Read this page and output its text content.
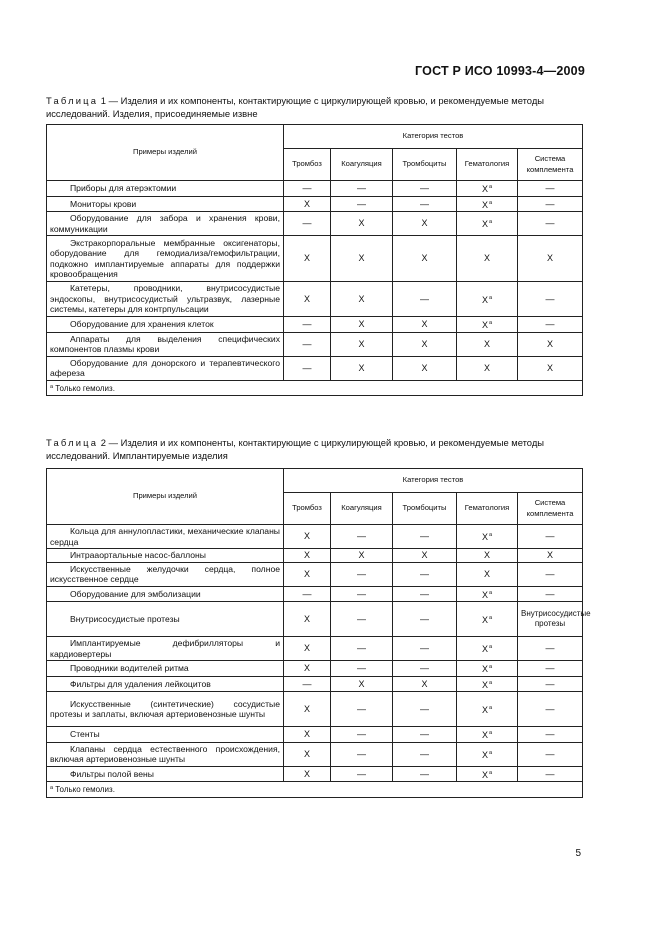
ГОСТ Р ИСО 10993-4—2009
Таблица 1 — Изделия и их компоненты, контактирующие с циркулирующей кровью, и рекомендуемые методы исследований. Изделия, присоединяемые извне
Примеры изделий	Категория тестов				
	Тромбоз	Коагуляция	Тромбоциты	Гематология	Система комплемента
Приборы для атерэктомии	—	—	—	$X^a$	—
Мониторы крови	X	—	—	$X^a$	—
Оборудование для забора и хранения крови, коммуникации	—	X	X	$X^a$	—
Экстракорпоральные мембранные оксигенаторы, оборудование для гемодиализа/гемофильтрации, подкожно имплантируемые аппараты для поддержки кровообращения	X	X	X	X	X
Катетеры, проводники, внутрисосудистые эндоскопы, внутрисосудистый ультразвук, лазерные системы, катетеры для контрпульсации	X	X	—	$X^a$	—
Оборудование для хранения клеток	—	X	X	$X^a$	—
Аппараты для выделения специфических компонентов плазмы крови	—	X	X	X	X
Оборудование для донорского и терапевтического афереза	—	X	X	X	X
$^a$ Только гемолиз.					
Таблица 2 — Изделия и их компоненты, контактирующие с циркулирующей кровью, и рекомендуемые методы исследований. Имплантируемые изделия
Примеры изделий	Категория тестов				
	Тромбоз	Коагуляция	Тромбоциты	Гематология	Система комплемента
Кольца для аннулопластики, механические клапаны сердца	X	—	—	$X^a$	—
Интрааортальные насос-баллоны	X	X	X	X	X
Искусственные желудочки сердца, полное искусственное сердце	X	—	—	X	—
Оборудование для эмболизации	—	—	—	$X^a$	—
Внутрисосудистые протезы	X	—	—	$X^a$	Внутрисосудистые протезы
Имплантируемые дефибрилляторы и кардиовертеры	X	—	—	$X^a$	—
Проводники водителей ритма	X	—	—	$X^a$	—
Фильтры для удаления лейкоцитов	—	X	X	$X^a$	—
Искусственные (синтетические) сосудистые протезы и заплаты, включая артериовенозные шунты	X	—	—	$X^a$	—
Стенты	X	—	—	$X^a$	—
Клапаны сердца естественного происхождения, включая артериовенозные шунты	X	—	—	$X^a$	—
Фильтры полой вены	X	—	—	$X^a$	—
$^a$ Только гемолиз.					
5
